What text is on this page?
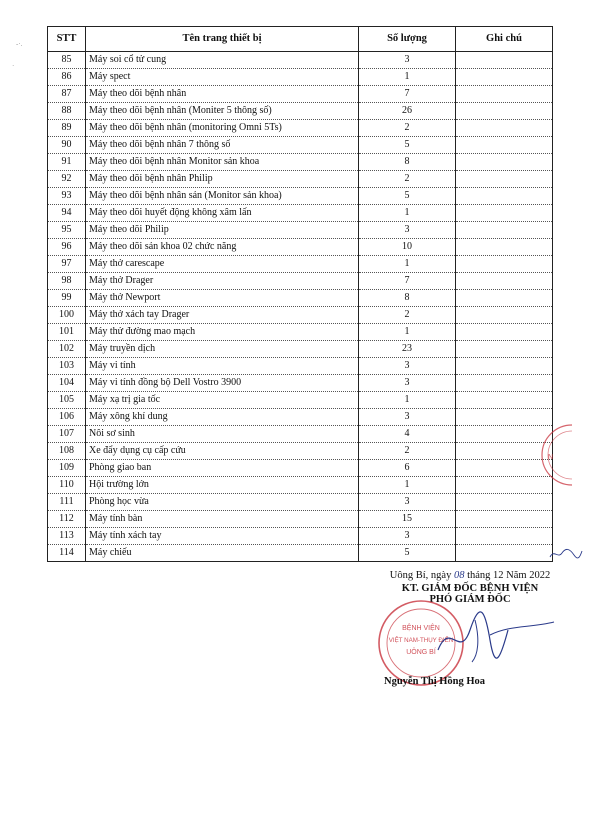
-·.
·
STT	Tên trang thiết bị	Số lượng	Ghi chú
85	Máy soi cổ tử cung	3	
86	Máy spect	1	
87	Máy theo dõi bệnh nhân	7	
88	Máy theo dõi bệnh nhân (Moniter 5 thông số)	26	
89	Máy theo dõi bệnh nhân (monitoring Omni 5Ts)	2	
90	Máy theo dõi bệnh nhân 7 thông số	5	
91	Máy theo dõi bệnh nhân Monitor sản khoa	8	
92	Máy theo dõi bệnh nhân Philip	2	
93	Máy theo dõi bệnh nhân sản (Monitor sản khoa)	5	
94	Máy theo dõi huyết động không xâm lấn	1	
95	Máy theo dõi Philip	3	
96	Máy theo dõi sản khoa 02 chức năng	10	
97	Máy thở carescape	1	
98	Máy thở Drager	7	
99	Máy thở Newport	8	
100	Máy thở xách tay Drager	2	
101	Máy thử đường mao mạch	1	
102	Máy truyền dịch	23	
103	Máy vi tính	3	
104	Máy vi tính đồng bộ Dell Vostro 3900	3	
105	Máy xạ trị gia tốc	1	
106	Máy xông khí dung	3	
107	Nôi sơ sinh	4	
108	Xe đẩy dụng cụ cấp cứu	2	
109	Phòng giao ban	6	
110	Hội trường lớn	1	
111	Phòng học vừa	3	
112	Máy tính bàn	15	
113	Máy tính xách tay	3	
114	Máy chiếu	5	
N
Uông Bí, ngày 08 tháng 12 Năm 2022
KT. GIÁM ĐỐC BỆNH VIỆN
PHÓ GIÁM ĐỐC
BỆNH VIỆN
VIỆT NAM-THỤY ĐIỂN
UÔNG BÍ
Nguyễn Thị Hồng Hoa
